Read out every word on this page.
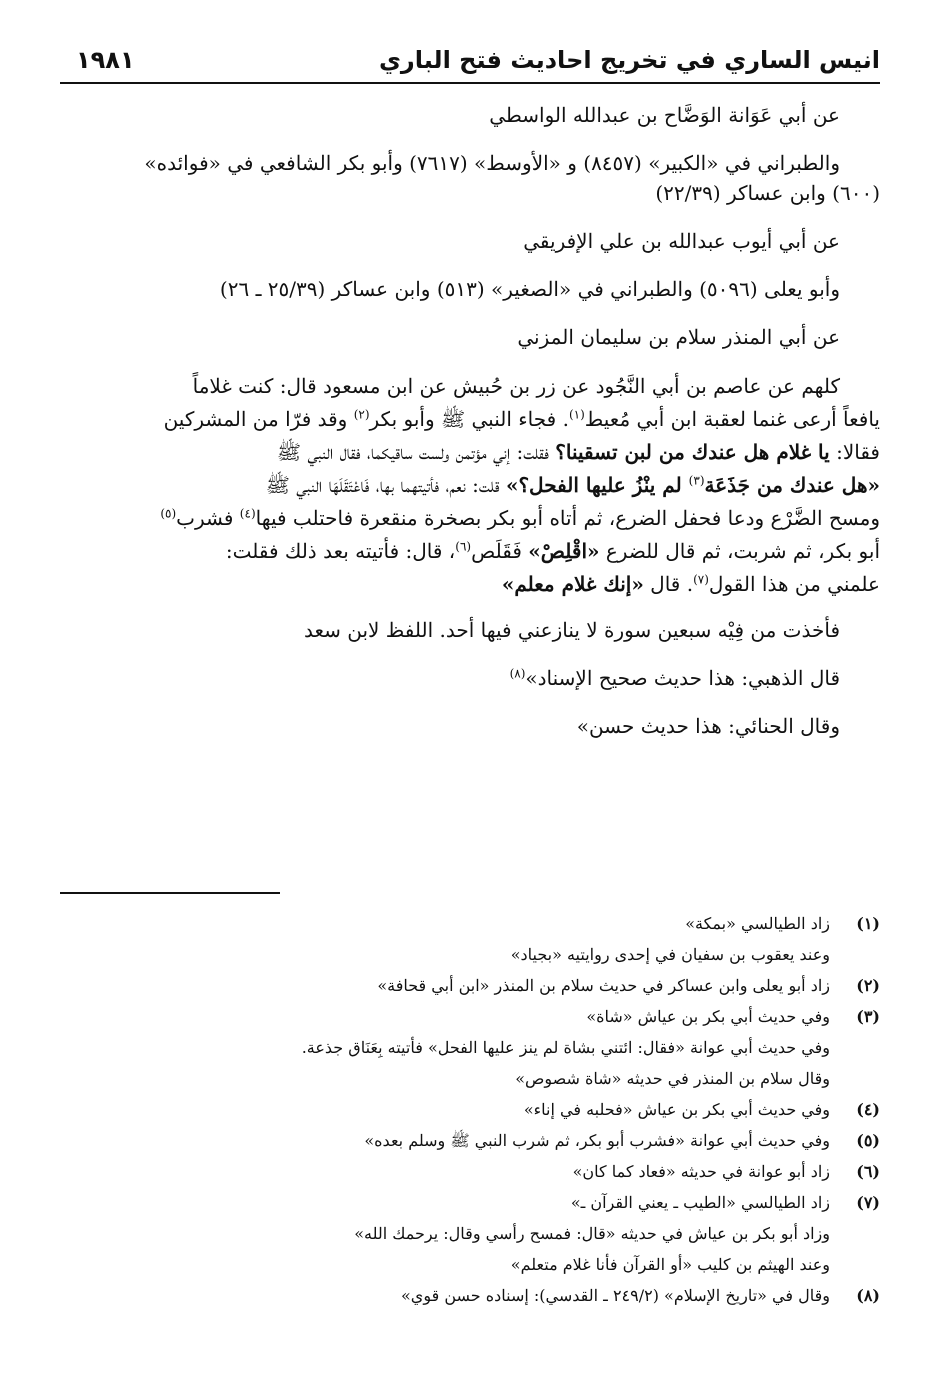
انيس الساري في تخريج احاديث فتح الباري
١٩٨١

عن أبي عَوَانة الوَضَّاح بن عبدالله الواسطي

والطبراني في «الكبير» (٨٤٥٧) و «الأوسط» (٧٦١٧) وأبو بكر الشافعي في «فوائده»

(٦٠٠) وابن عساكر (٢٢/٣٩)

عن أبي أيوب عبدالله بن علي الإفريقي

وأبو يعلى (٥٠٩٦) والطبراني في «الصغير» (٥١٣) وابن عساكر (٢٥/٣٩ ـ ٢٦)

عن أبي المنذر سلام بن سليمان المزني

كلهم عن عاصم بن أبي النَّجُود عن زر بن حُبيش عن ابن مسعود قال: كنت غلاماً

يافعاً أرعى غنما لعقبة ابن أبي مُعيط$^{(١)}$. فجاء النبي ﷺ وأبو بكر$^{(٢)}$ وقد فرّا من المشركين

فقالا: يا غلام هل عندك من لبن تسقينا؟ فقلت: إني مؤتمن ولست ساقيكما، فقال النبي ﷺ

«هل عندك من جَذَعَة$^{(٣)}$ لم ينْزُ عليها الفحل؟» قلت: نعم، فأتيتهما بها، فَاعْتَقَلَهَا النبي ﷺ

ومسح الضَّرْع ودعا فحفل الضرع، ثم أتاه أبو بكر بصخرة منقعرة فاحتلب فيها$^{(٤)}$ فشرب$^{(٥)}$

أبو بكر، ثم شربت، ثم قال للضرع «اقْلِصْ» فَقَلَص$^{(٦)}$، قال: فأتيته بعد ذلك فقلت:

علمني من هذا القول$^{(٧)}$. قال «إنك غلام معلم»

فأخذت من فِيْه سبعين سورة لا ينازعني فيها أحد. اللفظ لابن سعد

قال الذهبي: هذا حديث صحيح الإسناد»$^{(٨)}$

وقال الحنائي: هذا حديث حسن»

(١)
زاد الطيالسي «بمكة»
وعند يعقوب بن سفيان في إحدى روايتيه «بجياد»
(٢)
زاد أبو يعلى وابن عساكر في حديث سلام بن المنذر «ابن أبي قحافة»
(٣)
وفي حديث أبي بكر بن عياش «شاة»
وفي حديث أبي عوانة «فقال: ائتني بشاة لم ينز عليها الفحل» فأتيته بِعَنَاق جذعة.
وقال سلام بن المنذر في حديثه «شاة شصوص»
(٤)
وفي حديث أبي بكر بن عياش «فحلبه في إناء»
(٥)
وفي حديث أبي عوانة «فشرب أبو بكر، ثم شرب النبي ﷺ وسلم بعده»
(٦)
زاد أبو عوانة في حديثه «فعاد كما كان»
(٧)
زاد الطيالسي «الطيب ـ يعني القرآن ـ»
وزاد أبو بكر بن عياش في حديثه «قال: فمسح رأسي وقال: يرحمك الله»
وعند الهيثم بن كليب «أو القرآن فأنا غلام متعلم»
(٨)
وقال في «تاريخ الإسلام» (٢٤٩/٢ ـ القدسي): إسناده حسن قوي»
